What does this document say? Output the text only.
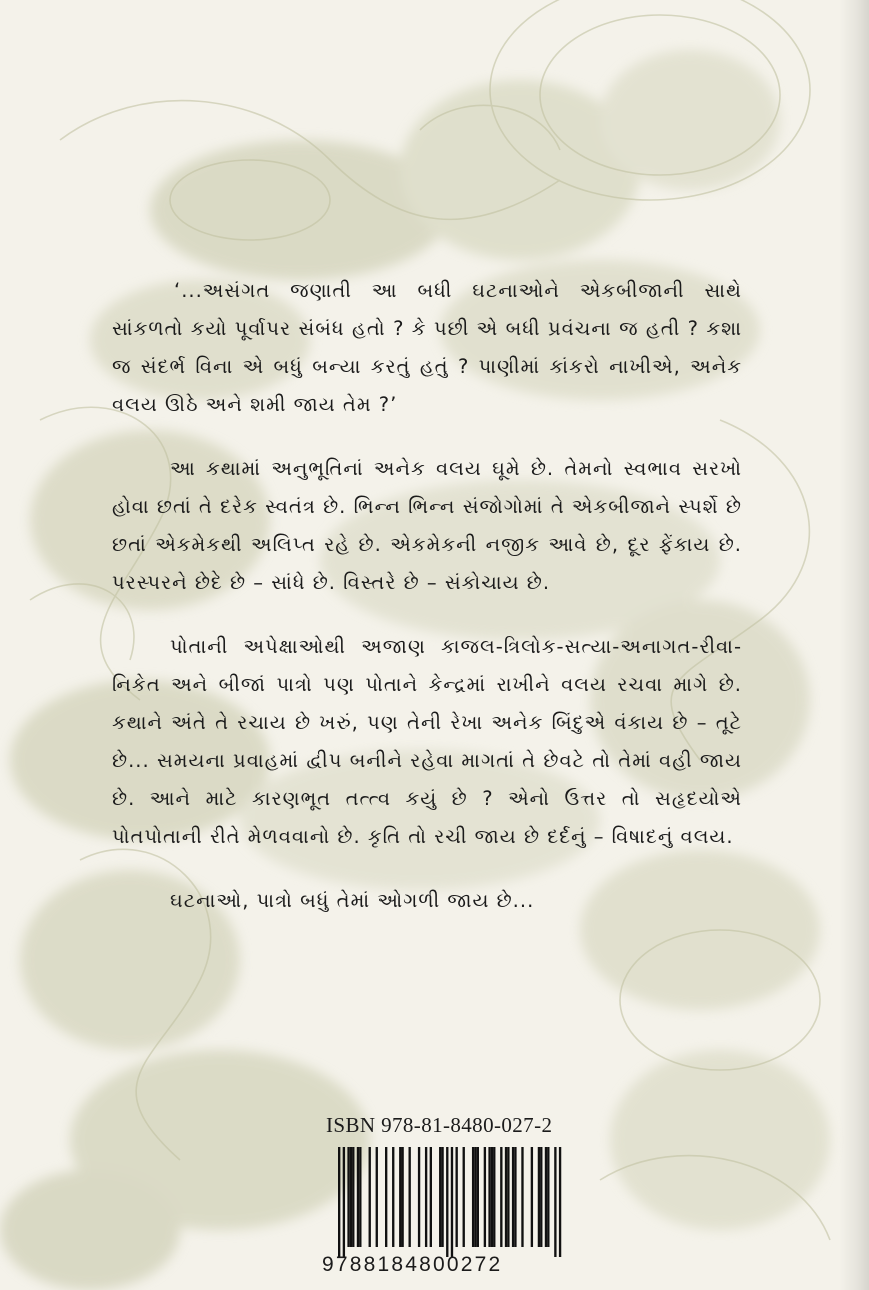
‘...અસંગત જણાતી આ બધી ઘટનાઓને એકબીજાની સાથે સાંકળતો કયો પૂર્વાપર સંબંધ હતો ? કે પછી એ બધી પ્રવંચના જ હતી ? કશા જ સંદર્ભ વિના એ બધું બન્યા કરતું હતું ? પાણીમાં કાંકરો નાખીએ, અનેક વલય ઊઠે અને શમી જાય તેમ ?’

આ કથામાં અનુભૂતિનાં અનેક વલય ઘૂમે છે. તેમનો સ્વભાવ સરખો હોવા છતાં તે દરેક સ્વતંત્ર છે. ભિન્ન ભિન્ન સંજોગોમાં તે એકબીજાને સ્પર્શે છે છતાં એકમેકથી અલિપ્ત રહે છે. એકમેકની નજીક આવે છે, દૂર ફેંકાય છે. પરસ્પરને છેદે છે – સાંધે છે. વિસ્તરે છે – સંકોચાય છે.

પોતાની અપેક્ષાઓથી અજાણ કાજલ-ત્રિલોક-સત્યા-અનાગત-રીવા-નિકેત અને બીજાં પાત્રો પણ પોતાને કેન્દ્રમાં રાખીને વલય રચવા માગે છે. કથાને અંતે તે રચાય છે ખરું, પણ તેની રેખા અનેક બિંદુએ વંકાય છે – તૂટે છે... સમયના પ્રવાહમાં દ્વીપ બનીને રહેવા માગતાં તે છેવટે તો તેમાં વહી જાય છે. આને માટે કારણભૂત તત્ત્વ કયું છે ? એનો ઉત્તર તો સહૃદયોએ પોતપોતાની રીતે મેળવવાનો છે. કૃતિ તો રચી જાય છે દર્દનું – વિષાદનું વલય.

ઘટનાઓ, પાત્રો બધું તેમાં ઓગળી જાય છે...

ISBN 978-81-8480-027-2
9788184800272
